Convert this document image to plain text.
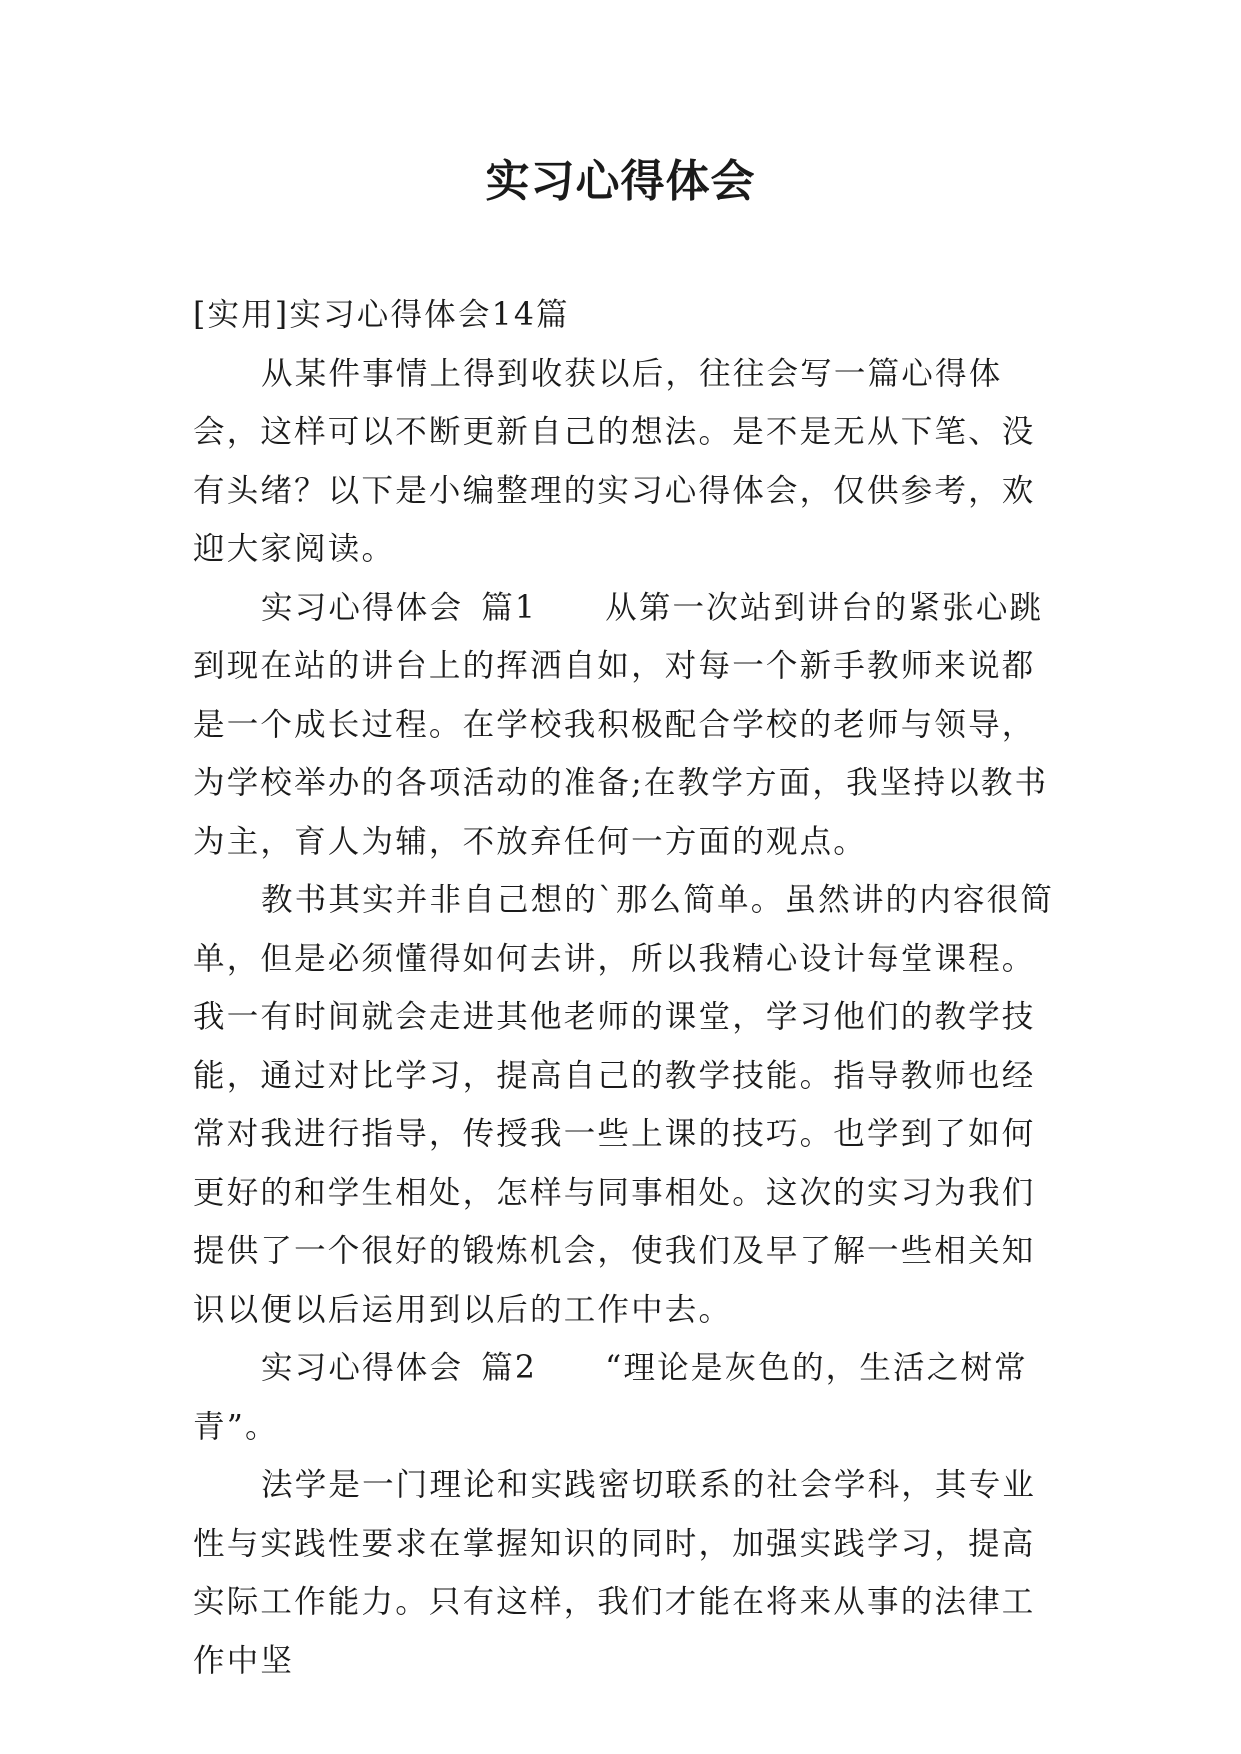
实习心得体会

[实用]实习心得体会14篇

从某件事情上得到收获以后，往往会写一篇心得体会，这样可以不断更新自己的想法。是不是无从下笔、没有头绪？以下是小编整理的实习心得体会，仅供参考，欢迎大家阅读。

实习心得体会 篇1 从第一次站到讲台的紧张心跳到现在站的讲台上的挥洒自如，对每一个新手教师来说都是一个成长过程。在学校我积极配合学校的老师与领导，为学校举办的各项活动的准备;在教学方面，我坚持以教书为主，育人为辅，不放弃任何一方面的观点。

教书其实并非自己想的`那么简单。虽然讲的内容很简单，但是必须懂得如何去讲，所以我精心设计每堂课程。我一有时间就会走进其他老师的课堂，学习他们的教学技能，通过对比学习，提高自己的教学技能。指导教师也经常对我进行指导，传授我一些上课的技巧。也学到了如何更好的和学生相处，怎样与同事相处。这次的实习为我们提供了一个很好的锻炼机会，使我们及早了解一些相关知识以便以后运用到以后的工作中去。

实习心得体会 篇2 “理论是灰色的，生活之树常青”。

法学是一门理论和实践密切联系的社会学科，其专业性与实践性要求在掌握知识的同时，加强实践学习，提高实际工作能力。只有这样，我们才能在将来从事的法律工作中坚
